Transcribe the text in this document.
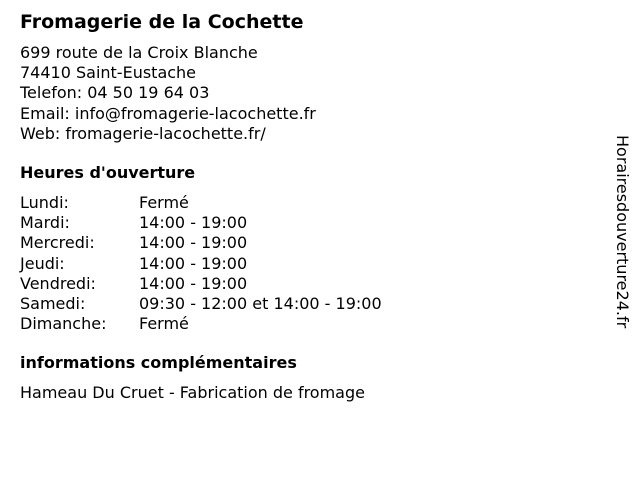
Fromagerie de la Cochette
699 route de la Croix Blanche
74410 Saint-Eustache
Telefon: 04 50 19 64 03
Email: info@fromagerie-lacochette.fr
Web: fromagerie-lacochette.fr/
Heures d'ouverture
Lundi:	Fermé
Mardi:	14:00 - 19:00
Mercredi:	14:00 - 19:00
Jeudi:	14:00 - 19:00
Vendredi:	14:00 - 19:00
Samedi:	09:30 - 12:00 et 14:00 - 19:00
Dimanche:	Fermé
informations complémentaires
Hameau Du Cruet - Fabrication de fromage
Horairesdouverture24.fr
